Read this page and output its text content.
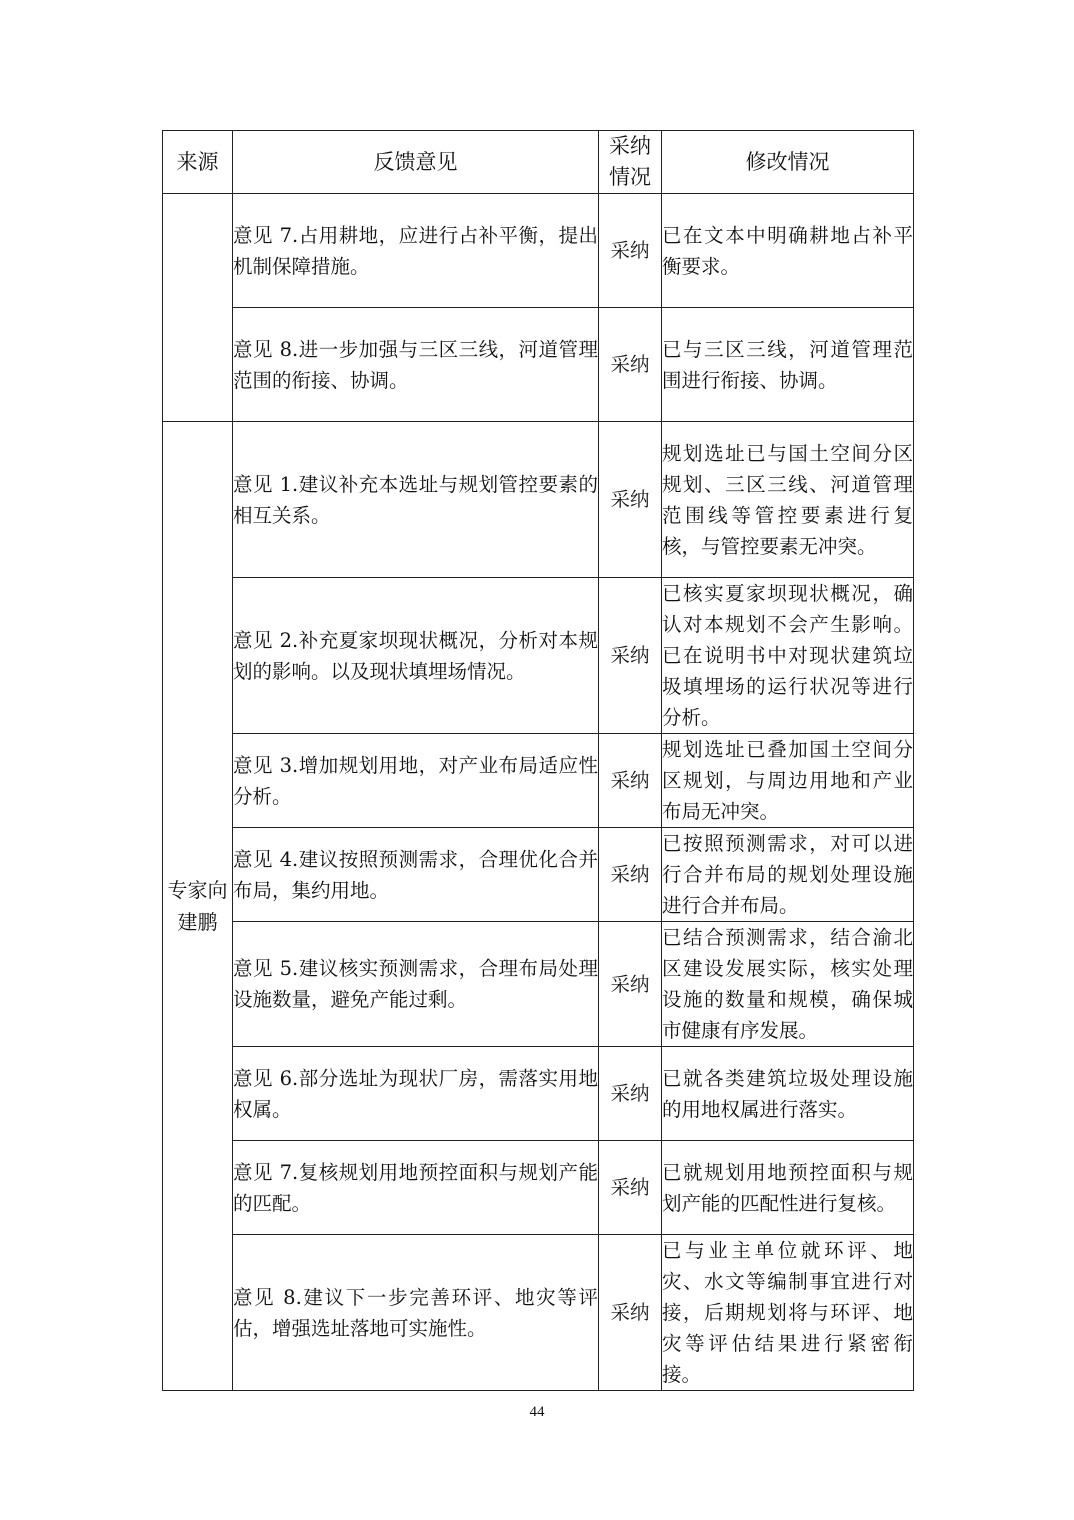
来源	反馈意见	采纳情况	修改情况
	意见 7.占用耕地，应进行占补平衡，提出机制保障措施。	采纳	已在文本中明确耕地占补平衡要求。
	意见 8.进一步加强与三区三线，河道管理范围的衔接、协调。	采纳	已与三区三线，河道管理范围进行衔接、协调。
专家向建鹏	意见 1.建议补充本选址与规划管控要素的相互关系。	采纳	规划选址已与国土空间分区规划、三区三线、河道管理范围线等管控要素进行复核，与管控要素无冲突。
	意见 2.补充夏家坝现状概况，分析对本规划的影响。以及现状填埋场情况。	采纳	已核实夏家坝现状概况，确认对本规划不会产生影响。已在说明书中对现状建筑垃圾填埋场的运行状况等进行分析。
	意见 3.增加规划用地，对产业布局适应性分析。	采纳	规划选址已叠加国土空间分区规划，与周边用地和产业布局无冲突。
	意见 4.建议按照预测需求，合理优化合并布局，集约用地。	采纳	已按照预测需求，对可以进行合并布局的规划处理设施进行合并布局。
	意见 5.建议核实预测需求，合理布局处理设施数量，避免产能过剩。	采纳	已结合预测需求，结合渝北区建设发展实际，核实处理设施的数量和规模，确保城市健康有序发展。
	意见 6.部分选址为现状厂房，需落实用地权属。	采纳	已就各类建筑垃圾处理设施的用地权属进行落实。
	意见 7.复核规划用地预控面积与规划产能的匹配。	采纳	已就规划用地预控面积与规划产能的匹配性进行复核。
	意见 8.建议下一步完善环评、地灾等评估，增强选址落地可实施性。	采纳	已与业主单位就环评、地灾、水文等编制事宜进行对接，后期规划将与环评、地灾等评估结果进行紧密衔接。
44
